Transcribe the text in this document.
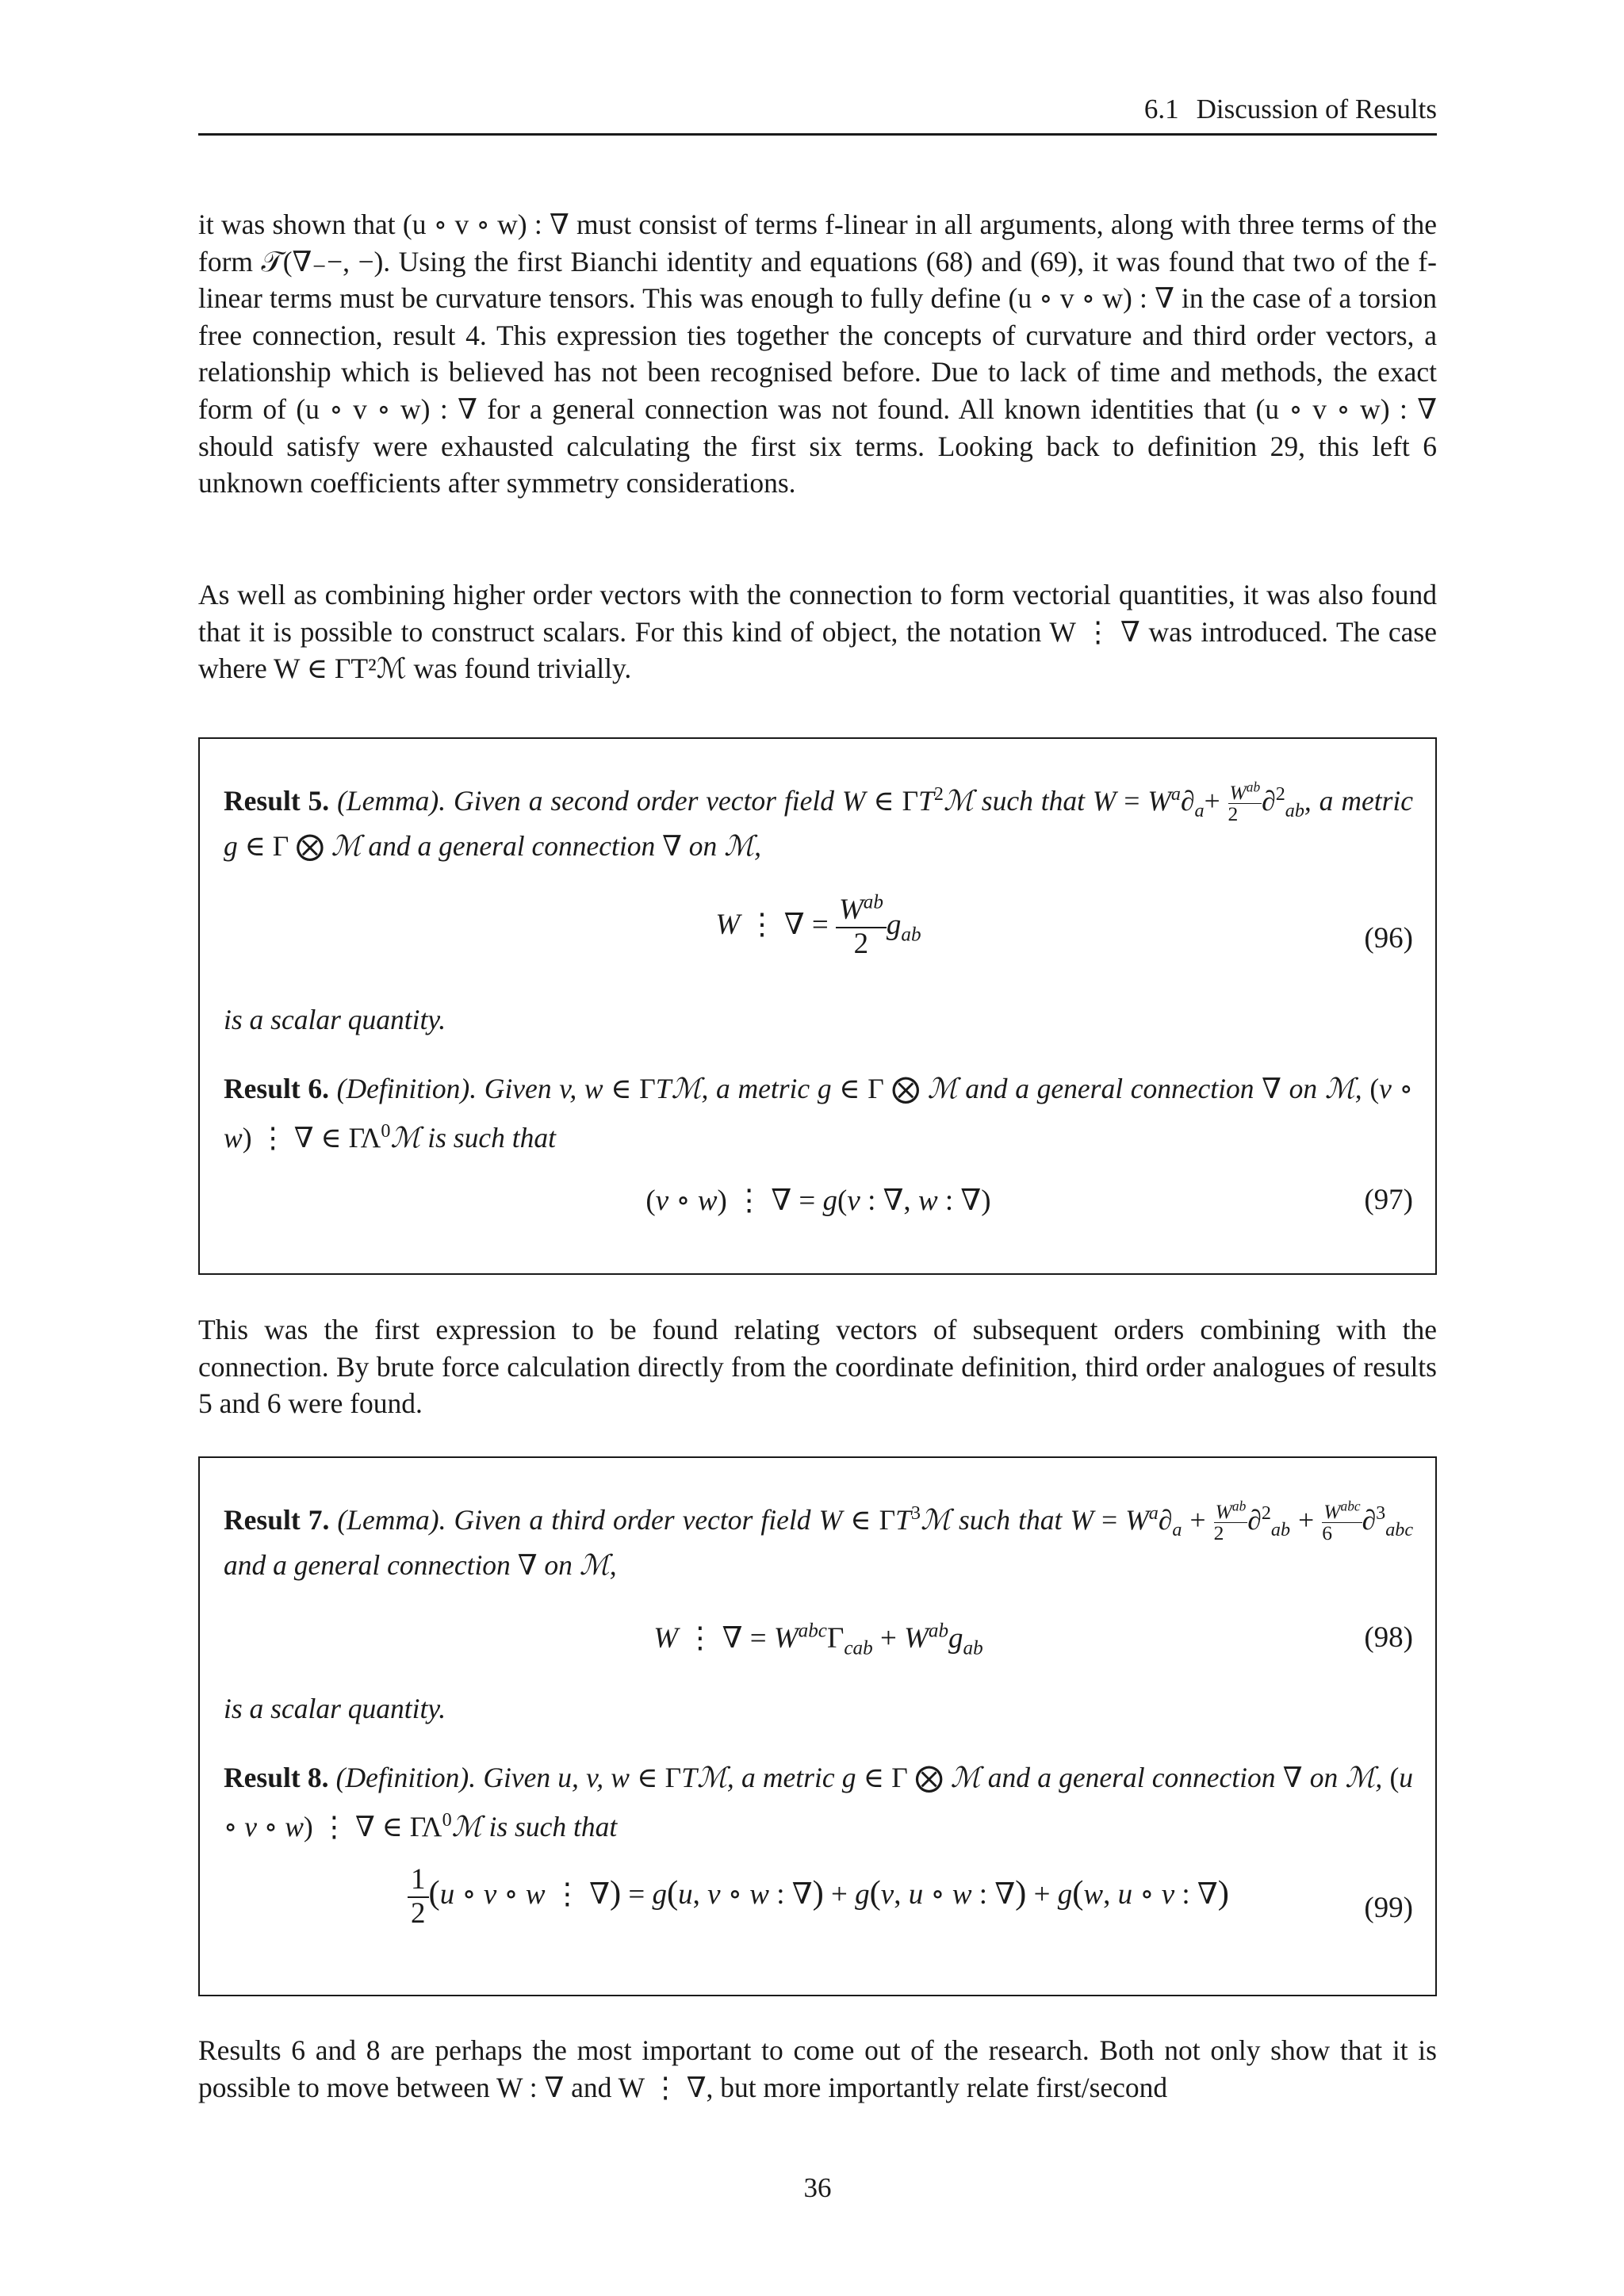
6.1 Discussion of Results

it was shown that (u ∘ v ∘ w) : ∇ must consist of terms f-linear in all arguments, along with three terms of the form 𝒯(∇₋−, −). Using the first Bianchi identity and equations (68) and (69), it was found that two of the f-linear terms must be curvature tensors. This was enough to fully define (u ∘ v ∘ w) : ∇ in the case of a torsion free connection, result 4. This expression ties together the concepts of curvature and third order vectors, a relationship which is believed has not been recognised before. Due to lack of time and methods, the exact form of (u ∘ v ∘ w) : ∇ for a general connection was not found. All known identities that (u ∘ v ∘ w) : ∇ should satisfy were exhausted calculating the first six terms. Looking back to definition 29, this left 6 unknown coefficients after symmetry considerations.

As well as combining higher order vectors with the connection to form vectorial quantities, it was also found that it is possible to construct scalars. For this kind of object, the notation W ⋮ ∇ was introduced. The case where W ∈ ΓT²ℳ was found trivially.

Result 5. (Lemma). Given a second order vector field W ∈ $\Gamma T^2ℳ$ such that $W = W^a\partial_a+ W^{ab}$
2 ∂$^2_{ab}$, a metric g ∈ Γ ⨂ ℳ and a general connection ∇ on ℳ,

W ⋮ ∇ = $\frac{W^{ab}}{2} g_{ab}$	(96)

is a scalar quantity.

Result 6. (Definition). Given v, w ∈ ΓTℳ, a metric g ∈ Γ ⨂ ℳ and a general connection ∇ on ℳ, (v ∘ w) ⋮ ∇ ∈ $\Gamma\Lambda^0ℳ$ is such that

(v ∘ w) ⋮ ∇ = g(v : ∇, w : ∇)	(97)

This was the first expression to be found relating vectors of subsequent orders combining with the connection. By brute force calculation directly from the coordinate definition, third order analogues of results 5 and 6 were found.

Result 7. (Lemma). Given a third order vector field W ∈ $\Gamma T^3ℳ$ such that $W = W^a\partial_a + W^{ab}$
2 $\partial^2_{ab} + W^{abc}$
6	∂$^3_{abc}$ and a general connection ∇ on ℳ,

W ⋮ ∇ = $W^{abc}\Gamma_{cab} + W^{ab}g_{ab}$	(98)

is a scalar quantity.

Result 8. (Definition). Given u, v, w ∈ ΓTℳ, a metric g ∈ Γ ⨂ ℳ and a general connection ∇ on ℳ, (u ∘ v ∘ w) ⋮ ∇ ∈ $\Gamma\Lambda^0ℳ$ is such that

$\frac{1}{2} (u$ ∘ v ∘ w ⋮ ∇) = g(u, v ∘ w : ∇) + g(v, u ∘ w : ∇) + g(w, u ∘ v : ∇)	(99)

Results 6 and 8 are perhaps the most important to come out of the research. Both not only show that it is possible to move between W : ∇ and W ⋮ ∇, but more importantly relate first/second

36
